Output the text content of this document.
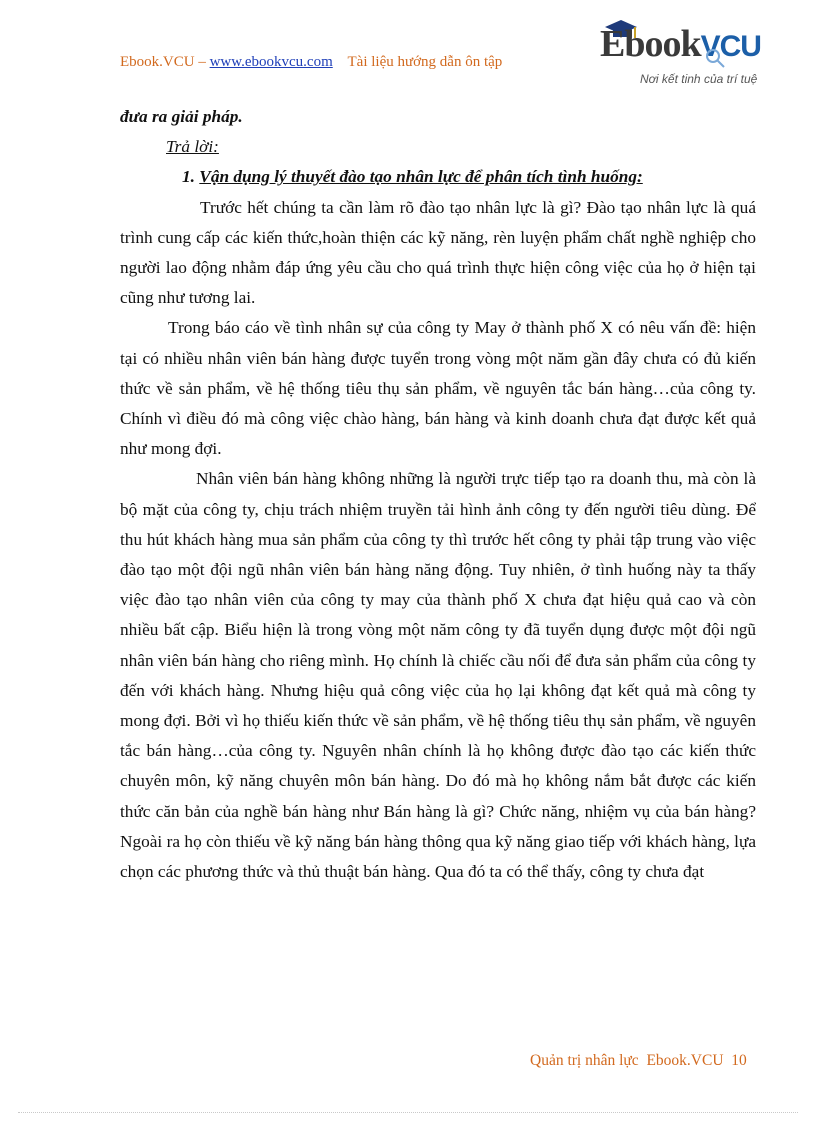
Ebook.VCU – www.ebookvcu.com Tài liệu hướng dẫn ôn tập	EbookVCU
Nơi kết tinh của trí tuệ

đưa ra giải pháp.

Trả lời:

1. Vận dụng lý thuyết đào tạo nhân lực để phân tích tình huống:

Trước hết chúng ta cần làm rõ đào tạo nhân lực là gì? Đào tạo nhân lực là quá trình cung cấp các kiến thức,hoàn thiện các kỹ năng, rèn luyện phẩm chất nghề nghiệp cho người lao động nhằm đáp ứng yêu cầu cho quá trình thực hiện công việc của họ ở hiện tại cũng như tương lai.

Trong báo cáo về tình nhân sự của công ty May ở thành phố X có nêu vấn đề: hiện tại có nhiều nhân viên bán hàng được tuyển trong vòng một năm gần đây chưa có đủ kiến thức về sản phẩm, về hệ thống tiêu thụ sản phẩm, về nguyên tắc bán hàng…của công ty. Chính vì điều đó mà công việc chào hàng, bán hàng và kinh doanh chưa đạt được kết quả như mong đợi.

Nhân viên bán hàng không những là người trực tiếp tạo ra doanh thu, mà còn là bộ mặt của công ty, chịu trách nhiệm truyền tải hình ảnh công ty đến người tiêu dùng. Để thu hút khách hàng mua sản phẩm của công ty thì trước hết công ty phải tập trung vào việc đào tạo một đội ngũ nhân viên bán hàng năng động. Tuy nhiên, ở tình huống này ta thấy việc đào tạo nhân viên của công ty may của thành phố X chưa đạt hiệu quả cao và còn nhiều bất cập. Biểu hiện là trong vòng một năm công ty đã tuyển dụng được một đội ngũ nhân viên bán hàng cho riêng mình. Họ chính là chiếc cầu nối để đưa sản phẩm của công ty đến với khách hàng. Nhưng hiệu quả công việc của họ lại không đạt kết quả mà công ty mong đợi. Bởi vì họ thiếu kiến thức về sản phẩm, về hệ thống tiêu thụ sản phẩm, về nguyên tắc bán hàng…của công ty. Nguyên nhân chính là họ không được đào tạo các kiến thức chuyên môn, kỹ năng chuyên môn bán hàng. Do đó mà họ không nắm bắt được các kiến thức căn bản của nghề bán hàng như Bán hàng là gì? Chức năng, nhiệm vụ của bán hàng? Ngoài ra họ còn thiếu về kỹ năng bán hàng thông qua kỹ năng giao tiếp với khách hàng, lựa chọn các phương thức và thủ thuật bán hàng. Qua đó ta có thể thấy, công ty chưa đạt

Quản trị nhân lực Ebook.VCU 10
